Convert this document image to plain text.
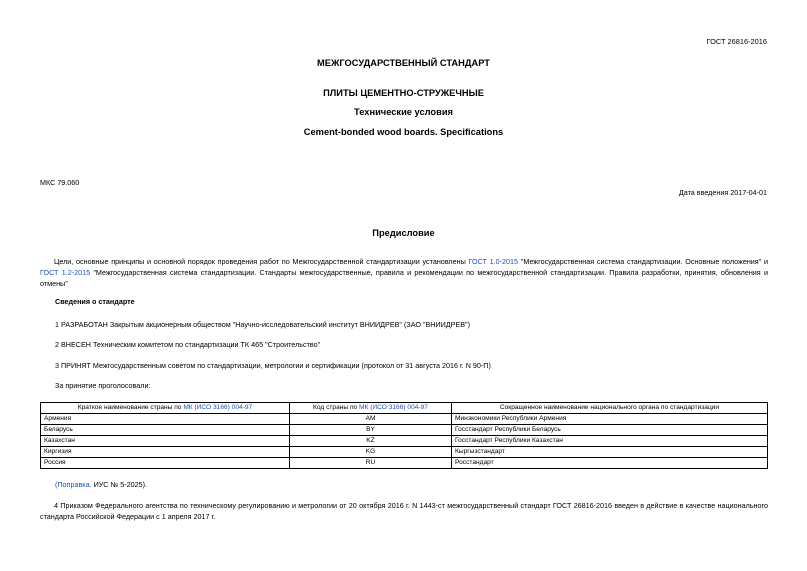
ГОСТ 26816-2016
МЕЖГОСУДАРСТВЕННЫЙ СТАНДАРТ
ПЛИТЫ ЦЕМЕНТНО-СТРУЖЕЧНЫЕ
Технические условия
Cement-bonded wood boards. Specifications
МКС 79.060
Дата введения 2017-04-01
Предисловие
Цели, основные принципы и основной порядок проведения работ по Межгосударственной стандартизации установлены ГОСТ 1.0-2015 "Межгосударственная система стандартизации. Основные положения" и ГОСТ 1.2-2015 "Межгосударственная система стандартизации. Стандарты межгосударственные, правила и рекомендации по межгосударственной стандартизации. Правила разработки, принятия, обновления и отмены"
Сведения о стандарте
1 РАЗРАБОТАН Закрытым акционерным обществом "Научно-исследовательский институт ВНИИДРЕВ" (ЗАО "ВНИИДРЕВ")
2 ВНЕСЕН Техническим комитетом по стандартизации ТК 465 "Строительство"
3 ПРИНЯТ Межгосударственным советом по стандартизации, метрологии и сертификации (протокол от 31 августа 2016 г. N 90-П)
За принятие проголосовали:
Краткое наименование страны по МК (ИСО 3166) 004-97	Код страны по МК (ИСО 3166) 004-97	Сокращенное наименование национального органа по стандартизации
Армения	AM	Минэкономики Республики Армения
Беларусь	BY	Госстандарт Республики Беларусь
Казахстан	KZ	Госстандарт Республики Казахстан
Киргизия	KG	Кыргызстандарт
Россия	RU	Росстандарт
(Поправка. ИУС № 5-2025).
4 Приказом Федерального агентства по техническому регулированию и метрологии от 20 октября 2016 г. N 1443-ст межгосударственный стандарт ГОСТ 26816-2016 введен в действие в качестве национального стандарта Российской Федерации с 1 апреля 2017 г.
